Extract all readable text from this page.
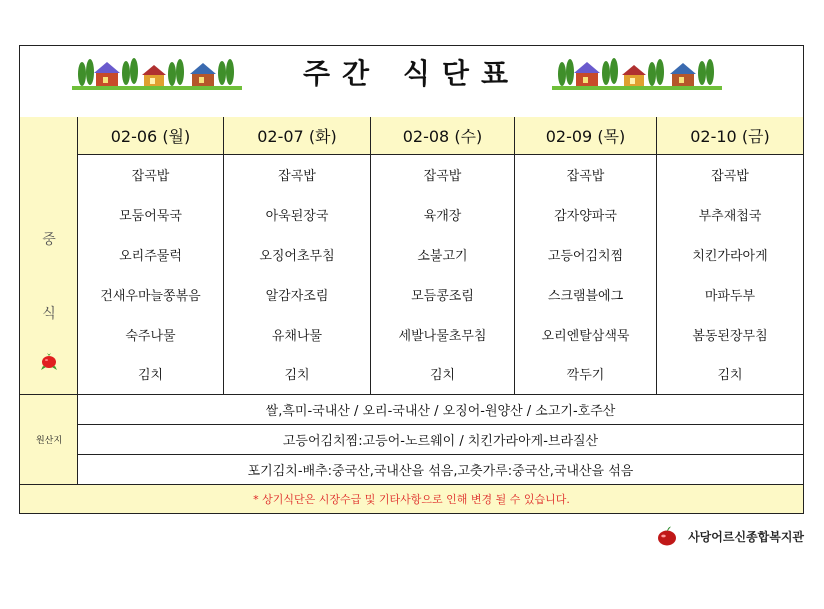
주간 식단표
중
식
원산지
02-06 (월)
잡곡밥
모둠어묵국
오리주물럭
건새우마늘쫑볶음
숙주나물
김치
02-07 (화)
잡곡밥
아욱된장국
오징어초무침
알감자조림
유채나물
김치
02-08 (수)
잡곡밥
육개장
소불고기
모듬콩조림
세발나물초무침
김치
02-09 (목)
잡곡밥
감자양파국
고등어김치찜
스크램블에그
오리엔탈삼색묵
깍두기
02-10 (금)
잡곡밥
부추재첩국
치킨가라아게
마파두부
봄동된장무침
김치
쌀,흑미-국내산 / 오리-국내산 / 오징어-원양산 / 소고기-호주산
고등어김치찜:고등어-노르웨이 / 치킨가라아게-브라질산
포기김치-배추:중국산,국내산을 섞음,고춧가루:중국산,국내산을 섞음
* 상기식단은 시장수급 및 기타사항으로 인해 변경 될 수 있습니다.
사당어르신종합복지관
